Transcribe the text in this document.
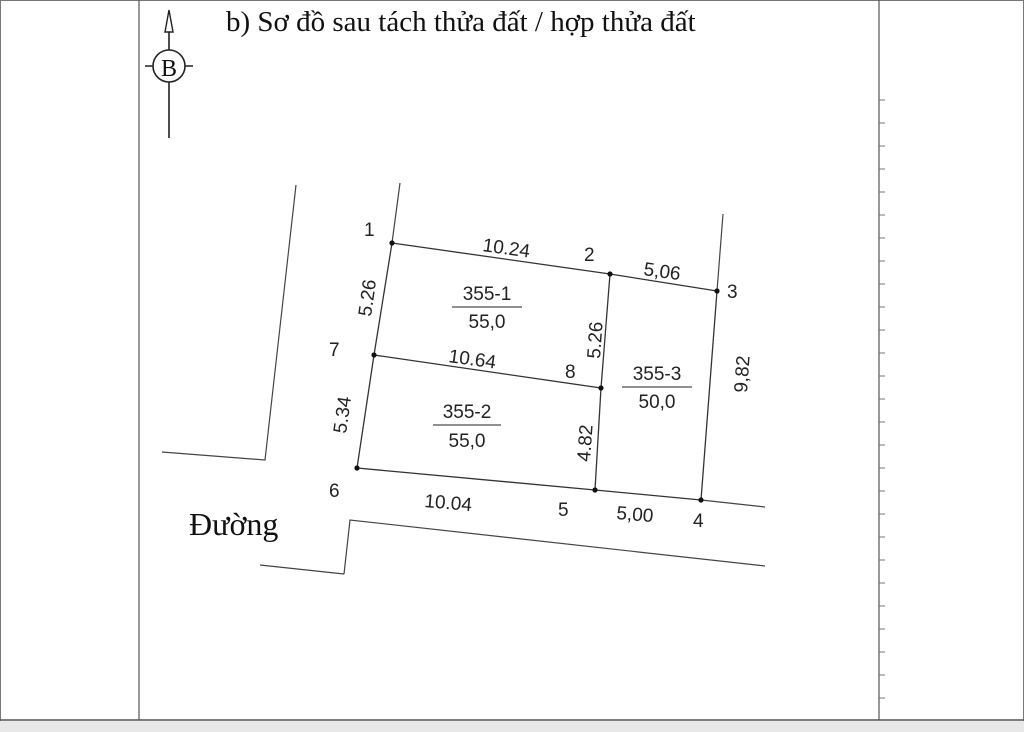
b) Sơ đồ sau tách thửa đất / hợp thửa đất
B
1
2
3
4
5
6
7
8
10.24
5,06
5.26
10.64
5.26
9,82
5.34
4.82
10.04	5,00
355-1
55,0
355-2
55,0
355-3
50,0
Đường
